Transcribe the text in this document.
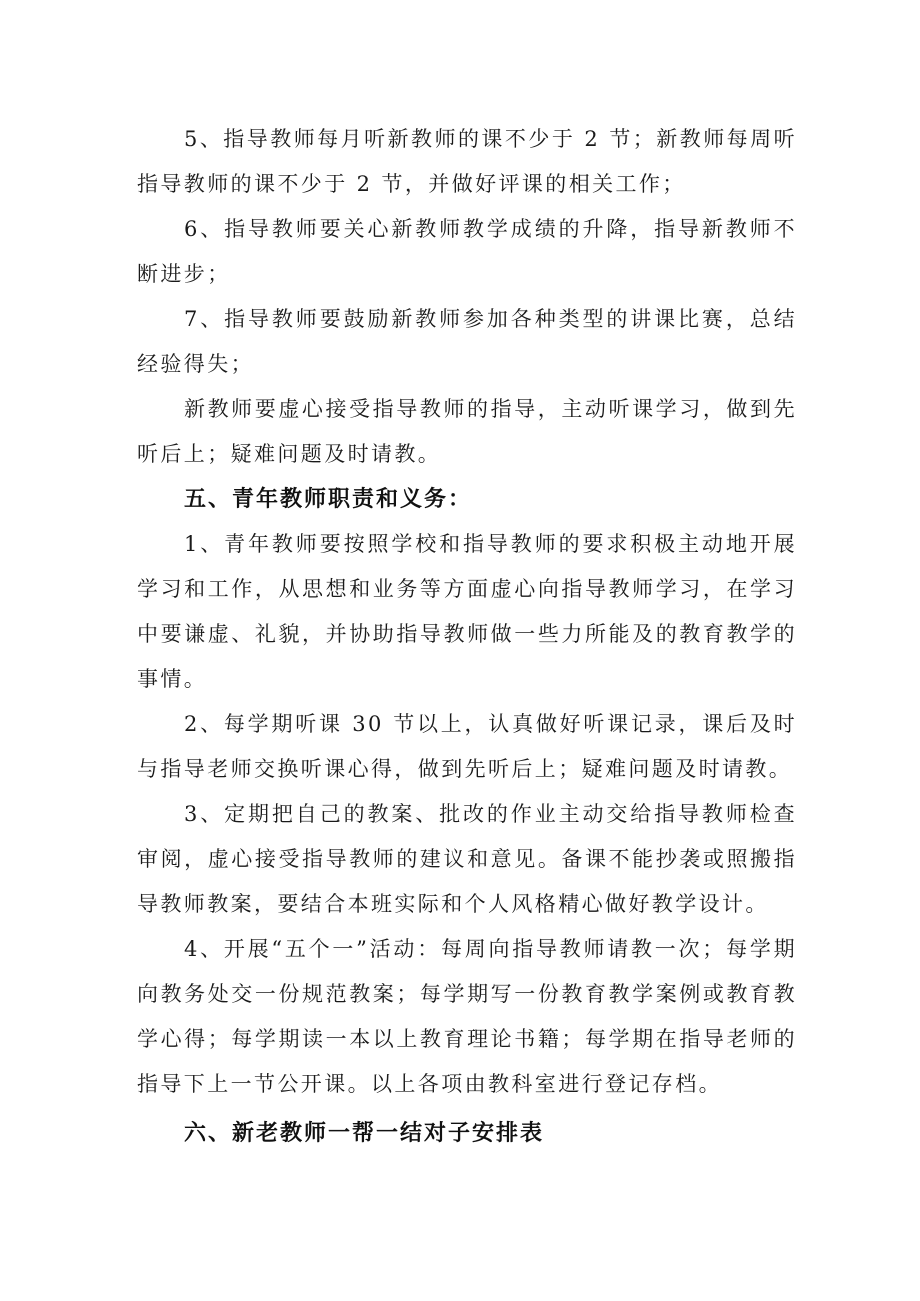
5、指导教师每月听新教师的课不少于 2 节；新教师每周听指导教师的课不少于 2 节，并做好评课的相关工作；

6、指导教师要关心新教师教学成绩的升降，指导新教师不断进步；

7、指导教师要鼓励新教师参加各种类型的讲课比赛，总结经验得失；

新教师要虚心接受指导教师的指导，主动听课学习，做到先听后上；疑难问题及时请教。

五、青年教师职责和义务：

1、青年教师要按照学校和指导教师的要求积极主动地开展学习和工作，从思想和业务等方面虚心向指导教师学习，在学习中要谦虚、礼貌，并协助指导教师做一些力所能及的教育教学的事情。

2、每学期听课 30 节以上，认真做好听课记录，课后及时与指导老师交换听课心得，做到先听后上；疑难问题及时请教。

3、定期把自己的教案、批改的作业主动交给指导教师检查审阅，虚心接受指导教师的建议和意见。备课不能抄袭或照搬指导教师教案，要结合本班实际和个人风格精心做好教学设计。

4、开展“五个一”活动：每周向指导教师请教一次；每学期向教务处交一份规范教案；每学期写一份教育教学案例或教育教学心得；每学期读一本以上教育理论书籍；每学期在指导老师的指导下上一节公开课。以上各项由教科室进行登记存档。

六、新老教师一帮一结对子安排表
